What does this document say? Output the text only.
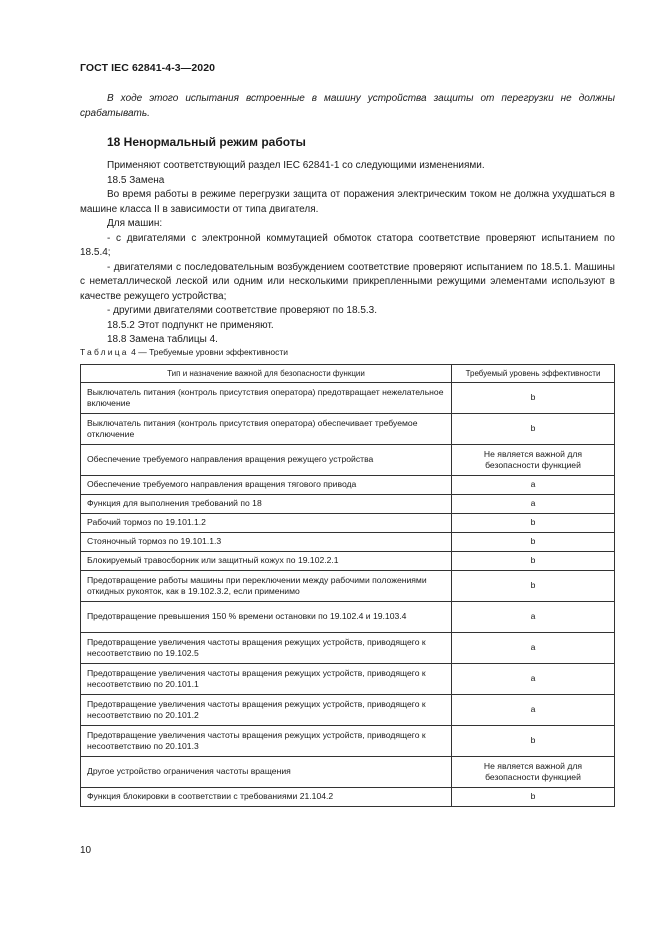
ГОСТ IEC 62841-4-3—2020

В ходе этого испытания встроенные в машину устройства защиты от перегрузки не должны срабатывать.

18 Ненормальный режим работы

Применяют соответствующий раздел IEC 62841-1 со следующими изменениями.

18.5 Замена

Во время работы в режиме перегрузки защита от поражения электрическим током не должна ухудшаться в машине класса II в зависимости от типа двигателя.

Для машин:

- с двигателями с электронной коммутацией обмоток статора соответствие проверяют испытанием по 18.5.4;

- двигателями с последовательным возбуждением соответствие проверяют испытанием по 18.5.1. Машины с неметаллической леской или одним или несколькими прикрепленными режущими элементами используют в качестве режущего устройства;

- другими двигателями соответствие проверяют по 18.5.3.

18.5.2 Этот подпункт не применяют.

18.8 Замена таблицы 4.

Таблица 4 — Требуемые уровни эффективности
Тип и назначение важной для безопасности функции	Требуемый уровень эффективности
Выключатель питания (контроль присутствия оператора) предотвращает нежелательное включение	b
Выключатель питания (контроль присутствия оператора) обеспечивает требуемое отключение	b
Обеспечение требуемого направления вращения режущего устройства	Не является важной для безопасности функцией
Обеспечение требуемого направления вращения тягового привода	a
Функция для выполнения требований по 18	a
Рабочий тормоз по 19.101.1.2	b
Стояночный тормоз по 19.101.1.3	b
Блокируемый травосборник или защитный кожух по 19.102.2.1	b
Предотвращение работы машины при переключении между рабочими положениями откидных рукояток, как в 19.102.3.2, если применимо	b
Предотвращение превышения 150 % времени остановки по 19.102.4 и 19.103.4	a
Предотвращение увеличения частоты вращения режущих устройств, приводящего к несоответствию по 19.102.5	a
Предотвращение увеличения частоты вращения режущих устройств, приводящего к несоответствию по 20.101.1	a
Предотвращение увеличения частоты вращения режущих устройств, приводящего к несоответствию по 20.101.2	a
Предотвращение увеличения частоты вращения режущих устройств, приводящего к несоответствию по 20.101.3	b
Другое устройство ограничения частоты вращения	Не является важной для безопасности функцией
Функция блокировки в соответствии с требованиями 21.104.2	b
10
